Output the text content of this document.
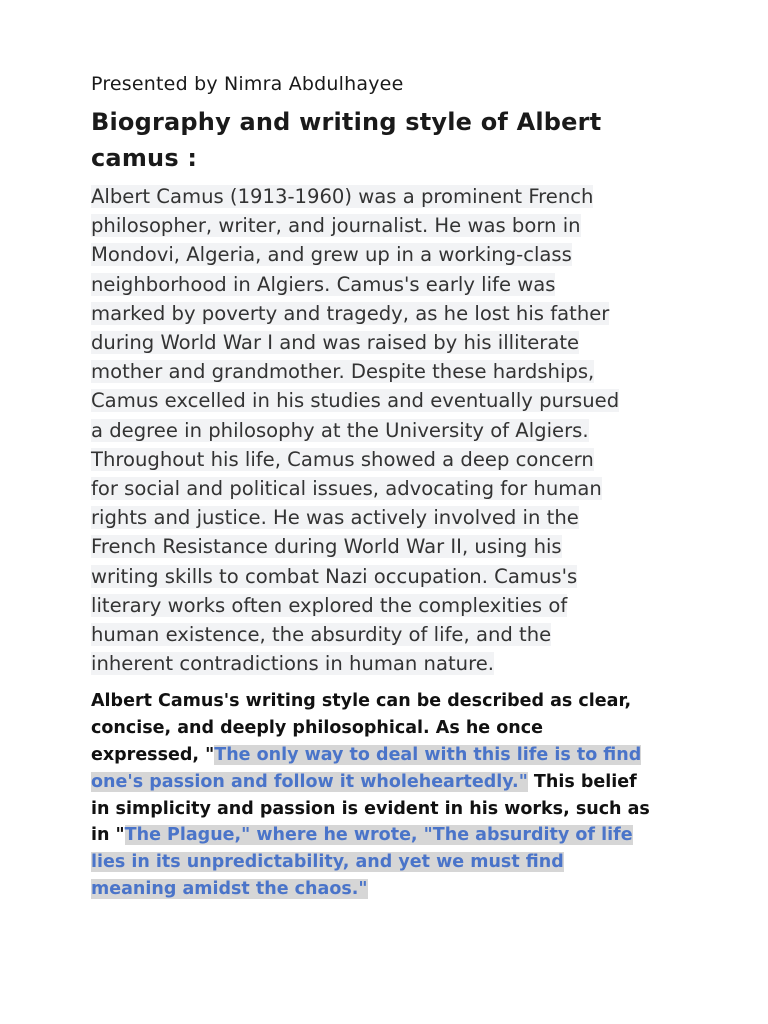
Presented by Nimra Abdulhayee

Biography and writing style of Albert
camus :
Albert Camus (1913-1960) was a prominent French
philosopher, writer, and journalist. He was born in
Mondovi, Algeria, and grew up in a working-class
neighborhood in Algiers. Camus's early life was
marked by poverty and tragedy, as he lost his father
during World War I and was raised by his illiterate
mother and grandmother. Despite these hardships,
Camus excelled in his studies and eventually pursued
a degree in philosophy at the University of Algiers.
Throughout his life, Camus showed a deep concern
for social and political issues, advocating for human
rights and justice. He was actively involved in the
French Resistance during World War II, using his
writing skills to combat Nazi occupation. Camus's
literary works often explored the complexities of
human existence, the absurdity of life, and the
inherent contradictions in human nature.
Albert Camus's writing style can be described as clear,
concise, and deeply philosophical. As he once
expressed, "The only way to deal with this life is to find
one's passion and follow it wholeheartedly." This belief
in simplicity and passion is evident in his works, such as
in "The Plague," where he wrote, "The absurdity of life
lies in its unpredictability, and yet we must find
meaning amidst the chaos."
